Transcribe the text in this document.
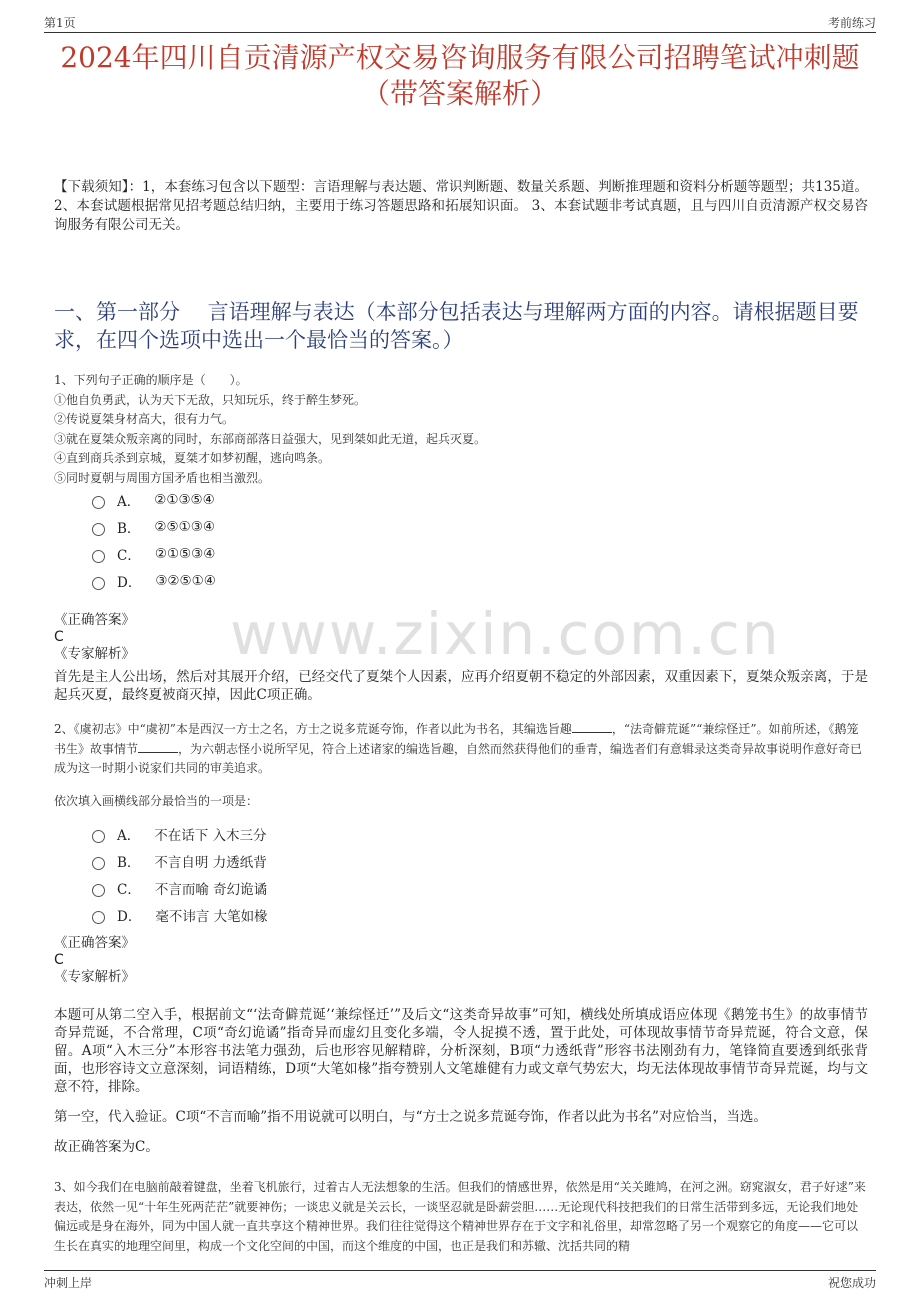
第1页	考前练习
2024年四川自贡清源产权交易咨询服务有限公司招聘笔试冲刺题（带答案解析）
【下载须知】：1，本套练习包含以下题型：言语理解与表达题、常识判断题、数量关系题、判断推理题和资料分析题等题型；共135道。 2、本套试题根据常见招考题总结归纳，主要用于练习答题思路和拓展知识面。 3、本套试题非考试真题，且与四川自贡清源产权交易咨询服务有限公司无关。
一、第一部分　 言语理解与表达（本部分包括表达与理解两方面的内容。请根据题目要求，在四个选项中选出一个最恰当的答案。）
1、下列句子正确的顺序是（　　）。
①他自负勇武，认为天下无敌，只知玩乐，终于醉生梦死。
②传说夏桀身材高大，很有力气。
③就在夏桀众叛亲离的同时，东部商部落日益强大，见到桀如此无道，起兵灭夏。
④直到商兵杀到京城，夏桀才如梦初醒，逃向鸣条。
⑤同时夏朝与周围方国矛盾也相当激烈。
A． ②①③⑤④
B． ②⑤①③④
C． ②①⑤③④
D． ③②⑤①④
《正确答案》
C
《专家解析》
首先是主人公出场，然后对其展开介绍，已经交代了夏桀个人因素，应再介绍夏朝不稳定的外部因素，双重因素下，夏桀众叛亲离，于是起兵灭夏，最终夏被商灭掉，因此C项正确。
www.zixin.com.cn
2、《虞初志》中“虞初”本是西汉一方士之名，方士之说多荒诞夸饰，作者以此为书名，其编选旨趣	，“法奇僻荒诞”“兼综怪迁”。如前所述，《鹅笼书生》故事情节	，为六朝志怪小说所罕见，符合上述诸家的编选旨趣，自然而然获得他们的垂青，编选者们有意辑录这类奇异故事说明作意好奇已成为这一时期小说家们共同的审美追求。
依次填入画横线部分最恰当的一项是：
A． 不在话下 入木三分
B． 不言自明 力透纸背
C． 不言而喻 奇幻诡谲
D． 毫不讳言 大笔如椽
《正确答案》
C
《专家解析》

本题可从第二空入手，根据前文“‘法奇僻荒诞’‘兼综怪迁’”及后文“这类奇异故事”可知，横线处所填成语应体现《鹅笼书生》的故事情节奇异荒诞，不合常理，C项“奇幻诡谲”指奇异而虚幻且变化多端，令人捉摸不透，置于此处，可体现故事情节奇异荒诞，符合文意，保留。A项“入木三分”本形容书法笔力强劲，后也形容见解精辟，分析深刻，B项“力透纸背”形容书法刚劲有力，笔锋简直要透到纸张背面，也形容诗文立意深刻，词语精练，D项“大笔如椽”指夸赞别人文笔雄健有力或文章气势宏大，均无法体现故事情节奇异荒诞，均与文意不符，排除。

第一空，代入验证。C项“不言而喻”指不用说就可以明白，与“方士之说多荒诞夸饰，作者以此为书名”对应恰当，当选。

故正确答案为C。

3、如今我们在电脑前敲着键盘，坐着飞机旅行，过着古人无法想象的生活。但我们的情感世界，依然是用“关关雎鸠，在河之洲。窈窕淑女，君子好逑”来表达，依然一见“十年生死两茫茫”就要神伤；一谈忠义就是关云长，一谈坚忍就是卧薪尝胆……无论现代科技把我们的日常生活带到多远，无论我们地处偏远或是身在海外，同为中国人就一直共享这个精神世界。我们往往觉得这个精神世界存在于文字和礼俗里，却常忽略了另一个观察它的角度——它可以生长在真实的地理空间里，构成一个文化空间的中国，而这个维度的中国，也正是我们和苏辙、沈括共同的精
冲刺上岸	祝您成功
